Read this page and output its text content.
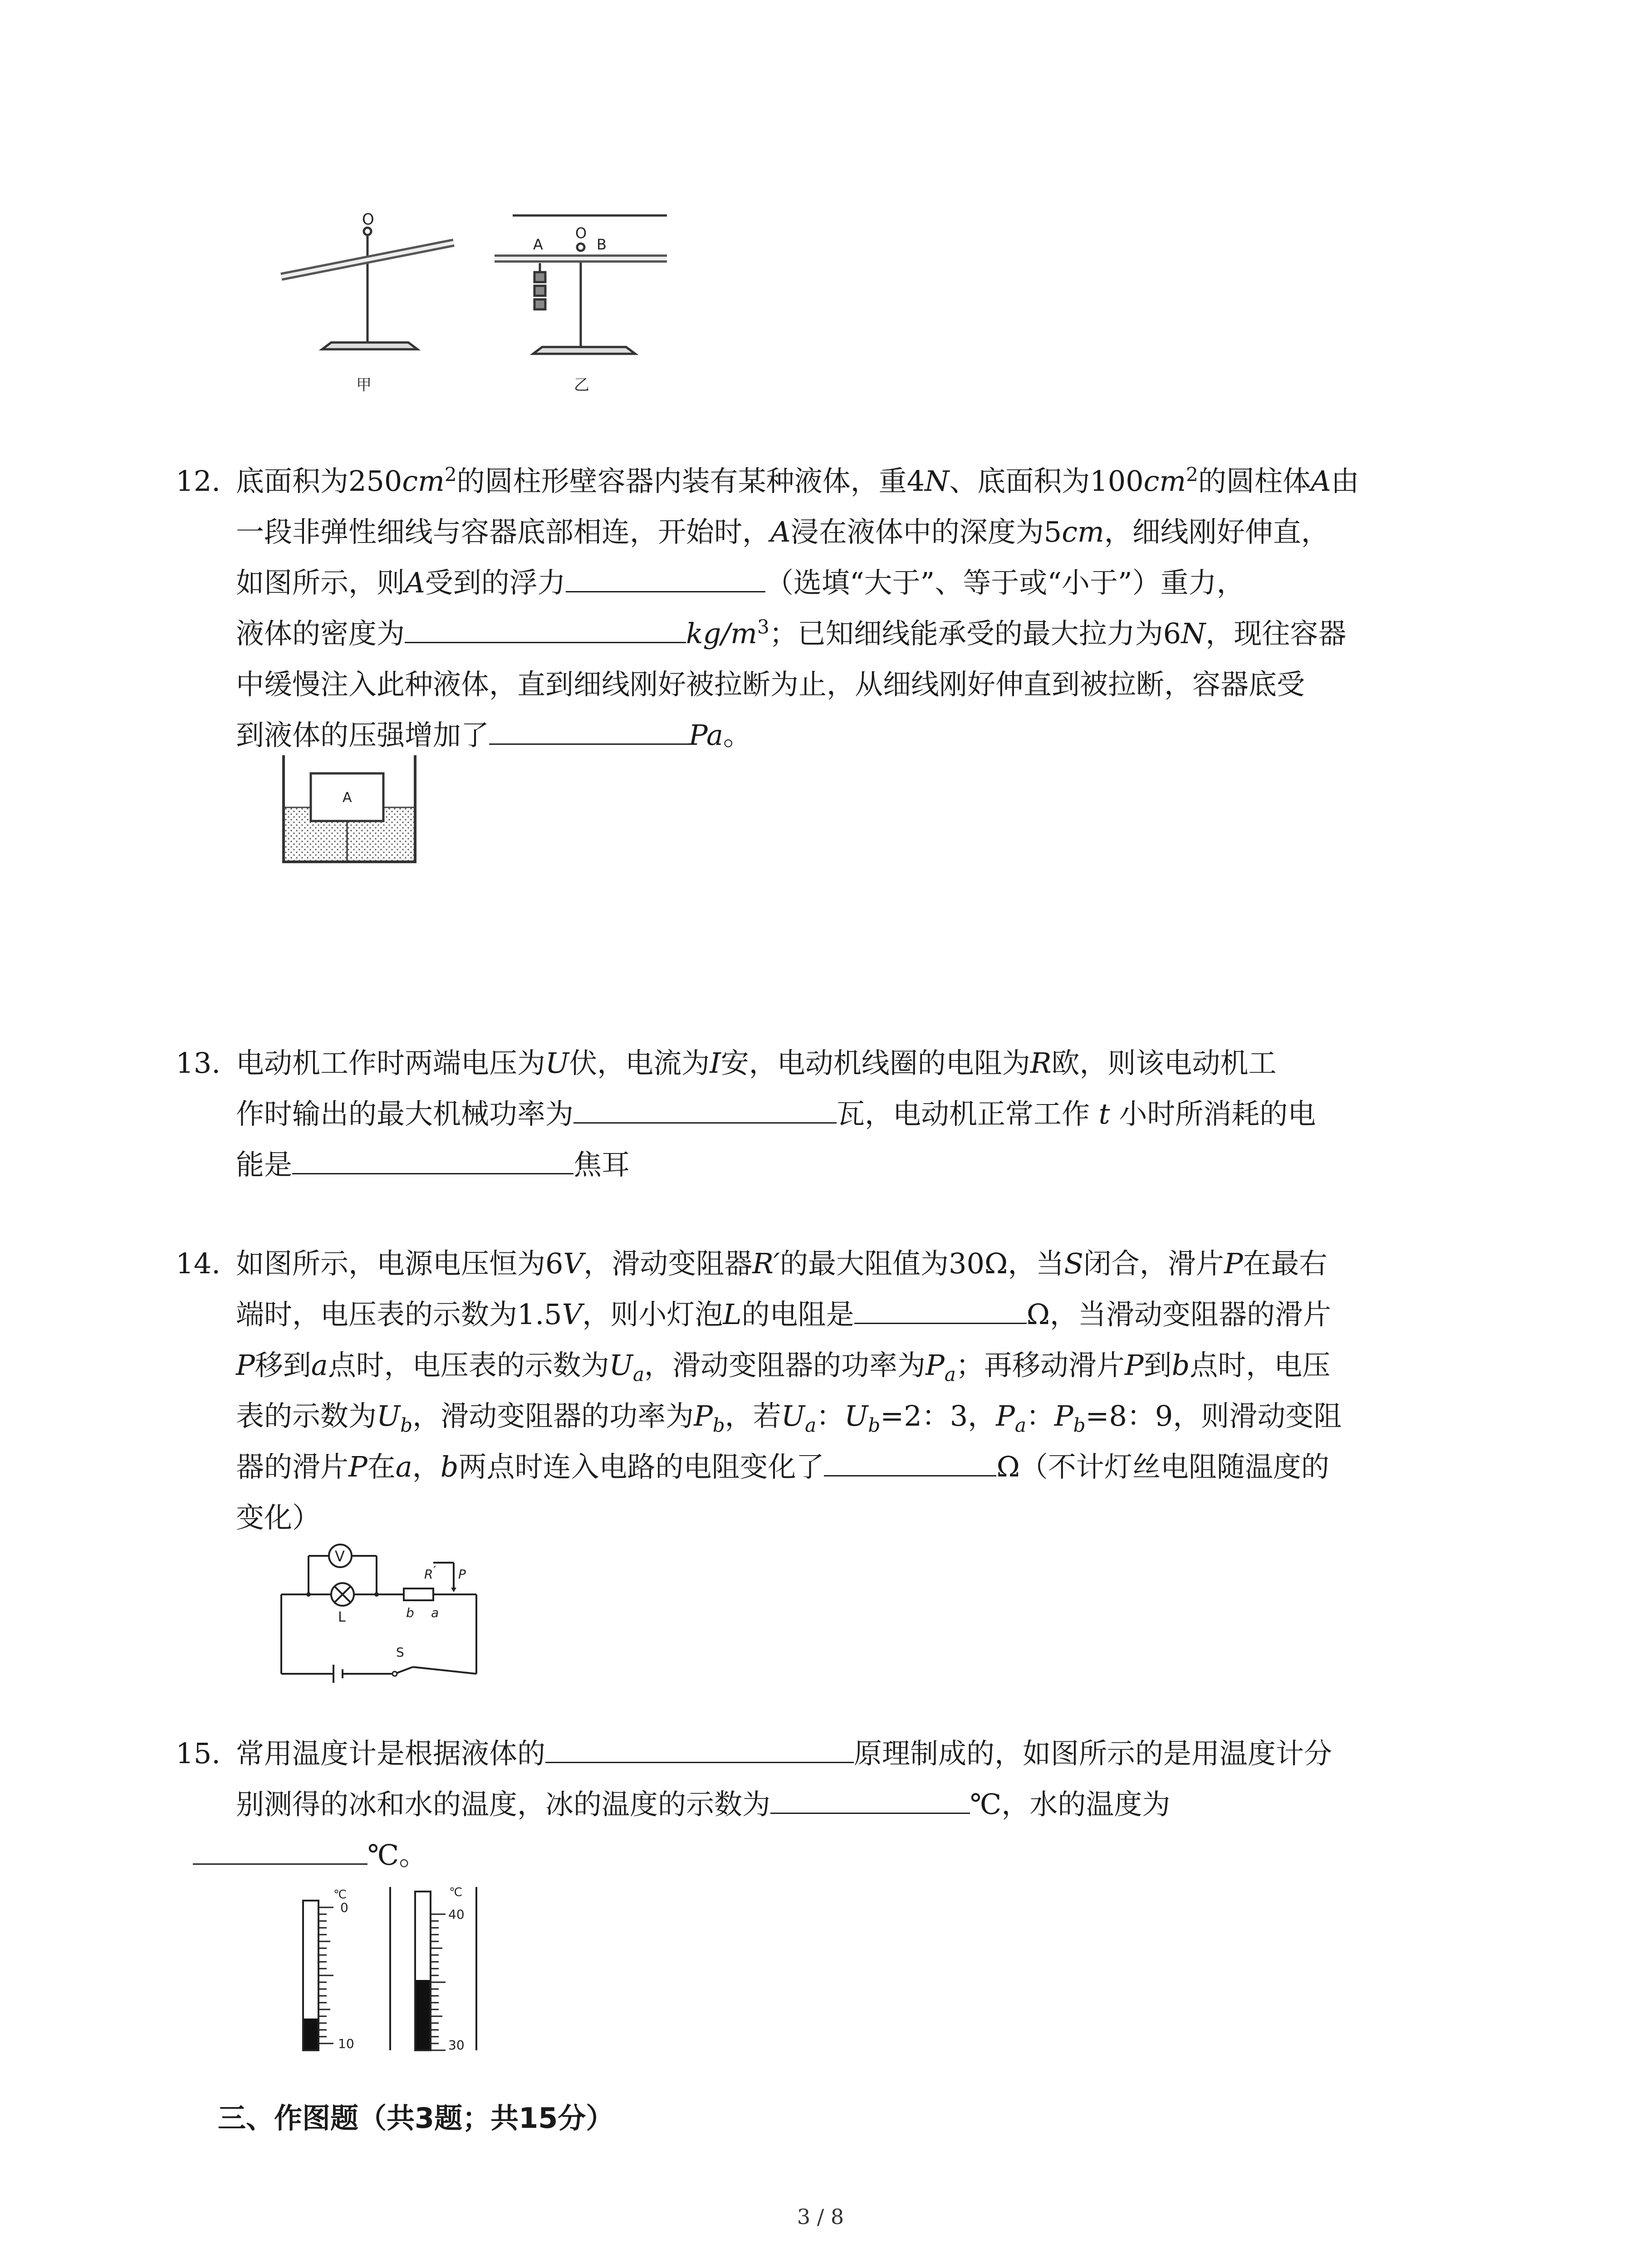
O
甲
A
O
B
乙
12. 底面积为$250cm^2$的圆柱形壁容器内装有某种液体，重4N、底面积为$100cm^2$的圆柱体A由
一段非弹性细线与容器底部相连，开始时，A浸在液体中的深度为5cm，细线刚好伸直，
如图所示，则A受到的浮力	（选填“大于”、等于或“小于”）重力，
液体的密度为	$kg/m^3$；已知细线能承受的最大拉力为6N，现往容器
中缓慢注入此种液体，直到细线刚好被拉断为止，从细线刚好伸直到被拉断，容器底受
到液体的压强增加了	Pa。
A
13. 电动机工作时两端电压为U伏，电流为I安，电动机线圈的电阻为R欧，则该电动机工
作时输出的最大机械功率为	瓦，电动机正常工作 t 小时所消耗的电
能是	焦耳
14. 如图所示，电源电压恒为6V，滑动变阻器R′的最大阻值为30Ω，当S闭合，滑片P在最右
端时，电压表的示数为1.5V，则小灯泡L的电阻是	Ω，当滑动变阻器的滑片
P移到a点时，电压表的示数为$U_a$，滑动变阻器的功率为$P_a$；再移动滑片P到b点时，电压
表的示数为$U_b$，滑动变阻器的功率为$P_b$，若$U_a$：$U_b=2$：3，$P_a$：$P_b=8$：9，则滑动变阻
器的滑片P在a，b两点时连入电路的电阻变化了	Ω（不计灯丝电阻随温度的
变化）
V
L
R ′ P
b a
S
15. 常用温度计是根据液体的	原理制成的，如图所示的是用温度计分
别测得的冰和水的温度，冰的温度的示数为	℃，水的温度为
℃。
℃
0
10
℃
40
30
三、作图题（共3题；共15分）
3 / 8
